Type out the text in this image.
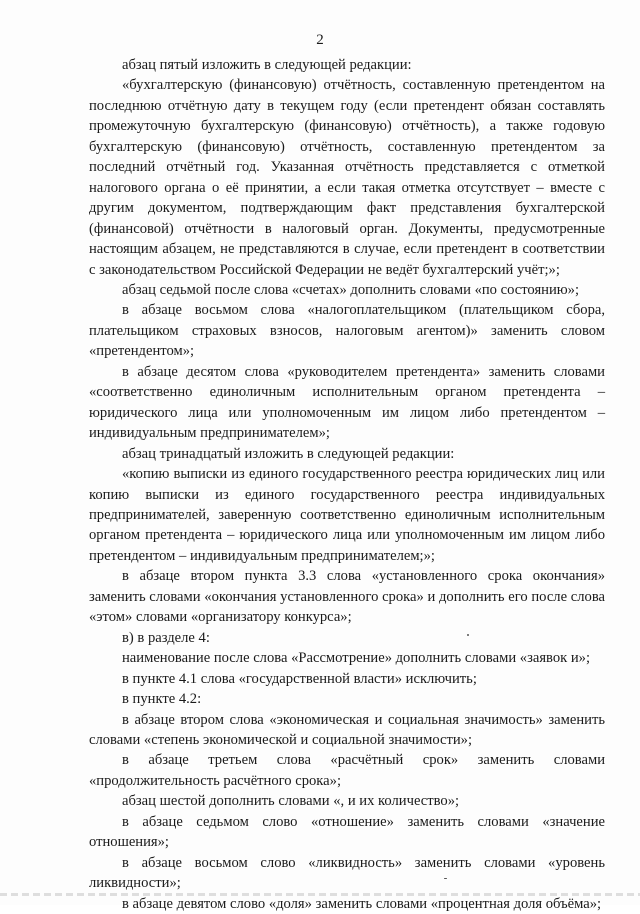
2

абзац пятый изложить в следующей редакции:

«бухгалтерскую (финансовую) отчётность, составленную претендентом на последнюю отчётную дату в текущем году (если претендент обязан составлять промежуточную бухгалтерскую (финансовую) отчётность), а также годовую бухгалтерскую (финансовую) отчётность, составленную претендентом за последний отчётный год. Указанная отчётность представляется с отметкой налогового органа о её принятии, а если такая отметка отсутствует – вместе с другим документом, подтверждающим факт представления бухгалтерской (финансовой) отчётности в налоговый орган. Документы, предусмотренные настоящим абзацем, не представляются в случае, если претендент в соответствии с законодательством Российской Федерации не ведёт бухгалтерский учёт;»;

абзац седьмой после слова «счетах» дополнить словами «по состоянию»;

в абзаце восьмом слова «налогоплательщиком (плательщиком сбора, плательщиком страховых взносов, налоговым агентом)» заменить словом «претендентом»;

в абзаце десятом слова «руководителем претендента» заменить словами «соответственно единоличным исполнительным органом претендента – юридического лица или уполномоченным им лицом либо претендентом – индивидуальным предпринимателем»;

абзац тринадцатый изложить в следующей редакции:

«копию выписки из единого государственного реестра юридических лиц или копию выписки из единого государственного реестра индивидуальных предпринимателей, заверенную соответственно единоличным исполнительным органом претендента – юридического лица или уполномоченным им лицом либо претендентом – индивидуальным предпринимателем;»;

в абзаце втором пункта 3.3 слова «установленного срока окончания» заменить словами «окончания установленного срока» и дополнить его после слова «этом» словами «организатору конкурса»;

в) в разделе 4:

наименование после слова «Рассмотрение» дополнить словами «заявок и»;

в пункте 4.1 слова «государственной власти» исключить;

в пункте 4.2:

в абзаце втором слова «экономическая и социальная значимость» заменить словами «степень экономической и социальной значимости»;

в абзаце третьем слова «расчётный срок» заменить словами «продолжительность расчётного срока»;

абзац шестой дополнить словами «, и их количество»;

в абзаце седьмом слово «отношение» заменить словами «значение отношения»;

в абзаце восьмом слово «ликвидность» заменить словами «уровень ликвидности»;

в абзаце девятом слово «доля» заменить словами «процентная доля объёма»;
